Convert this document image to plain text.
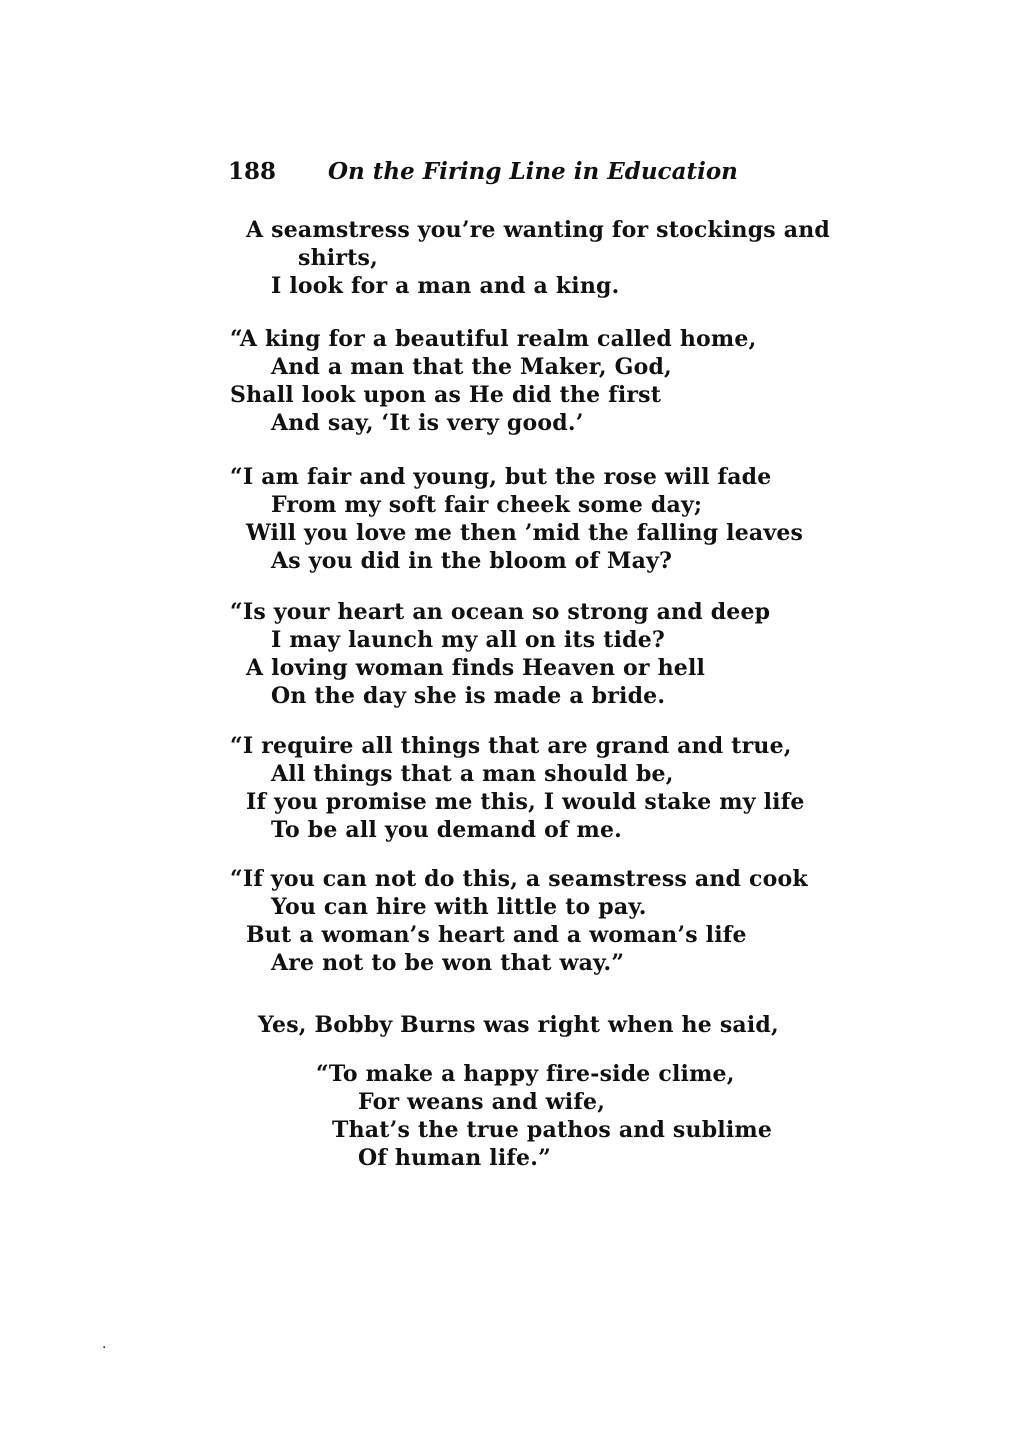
188 On the Firing Line in Education
A seamstress you’re wanting for stockings and
shirts,
I look for a man and a king.
“A king for a beautiful realm called home,
And a man that the Maker, God,
Shall look upon as He did the first
And say, ‘It is very good.’
“I am fair and young, but the rose will fade
From my soft fair cheek some day;
Will you love me then ’mid the falling leaves
As you did in the bloom of May?
“Is your heart an ocean so strong and deep
I may launch my all on its tide?
A loving woman finds Heaven or hell
On the day she is made a bride.
“I require all things that are grand and true,
All things that a man should be,
If you promise me this, I would stake my life
To be all you demand of me.
“If you can not do this, a seamstress and cook
You can hire with little to pay.
But a woman’s heart and a woman’s life
Are not to be won that way.”
Yes, Bobby Burns was right when he said,
“To make a happy fire-side clime,
For weans and wife,
That’s the true pathos and sublime
Of human life.”
·
